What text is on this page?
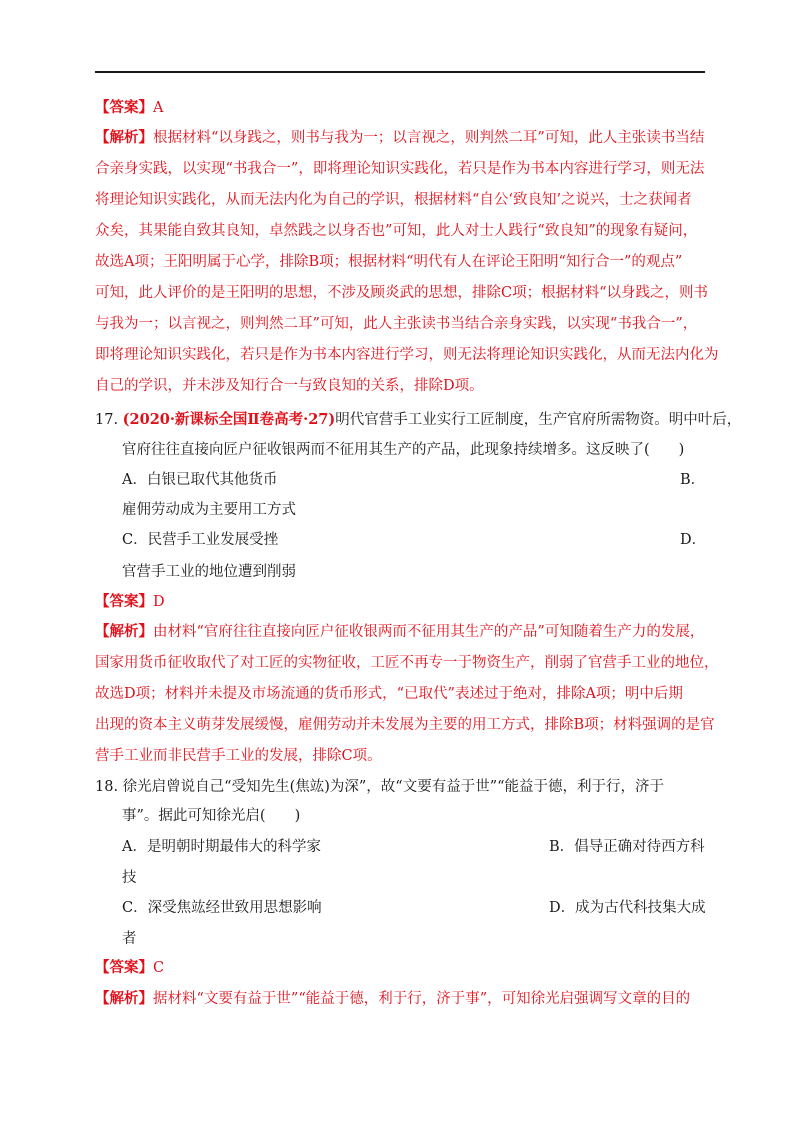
【答案】A
【解析】根据材料“以身践之，则书与我为一；以言视之，则判然二耳”可知，此人主张读书当结
合亲身实践，以实现“书我合一”，即将理论知识实践化，若只是作为书本内容进行学习，则无法
将理论知识实践化，从而无法内化为自己的学识，根据材料“自公‘致良知’之说兴，士之获闻者
众矣，其果能自致其良知，卓然践之以身否也”可知，此人对士人践行“致良知”的现象有疑问，
故选A项；王阳明属于心学，排除B项；根据材料“明代有人在评论王阳明“知行合一”的观点”
可知，此人评价的是王阳明的思想，不涉及顾炎武的思想，排除C项；根据材料“以身践之，则书
与我为一；以言视之，则判然二耳”可知，此人主张读书当结合亲身实践，以实现“书我合一”，
即将理论知识实践化，若只是作为书本内容进行学习，则无法将理论知识实践化，从而无法内化为
自己的学识，并未涉及知行合一与致良知的关系，排除D项。
17. (2020·新课标全国Ⅱ卷高考·27)明代官营手工业实行工匠制度，生产官府所需物资。明中叶后，
官府往往直接向匠户征收银两而不征用其生产的产品，此现象持续增多。这反映了(　　)
A．白银已取代其他货币	B．
雇佣劳动成为主要用工方式
C．民营手工业发展受挫	D．
官营手工业的地位遭到削弱
【答案】D
【解析】由材料“官府往往直接向匠户征收银两而不征用其生产的产品”可知随着生产力的发展，
国家用货币征收取代了对工匠的实物征收，工匠不再专一于物资生产，削弱了官营手工业的地位，
故选D项；材料并未提及市场流通的货币形式，“已取代”表述过于绝对，排除A项；明中后期
出现的资本主义萌芽发展缓慢，雇佣劳动并未发展为主要的用工方式，排除B项；材料强调的是官
营手工业而非民营手工业的发展，排除C项。
18. 徐光启曾说自己“受知先生(焦竑)为深”，故“文要有益于世”“能益于德，利于行，济于
事”。据此可知徐光启(　　)
A．是明朝时期最伟大的科学家	B．倡导正确对待西方科
技
C．深受焦竑经世致用思想影响	D．成为古代科技集大成
者
【答案】C
【解析】据材料“文要有益于世”“能益于德，利于行，济于事”，可知徐光启强调写文章的目的
